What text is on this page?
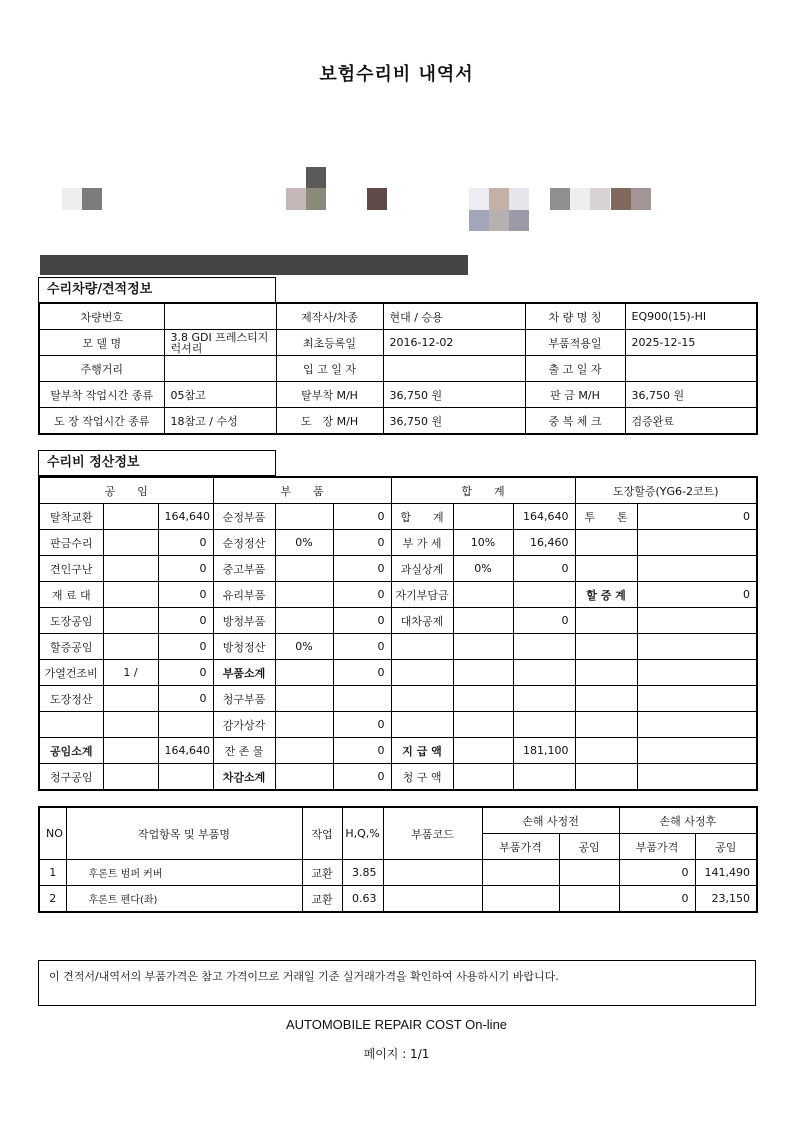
보험수리비 내역서
수리차량/견적정보
차량번호		제작사/차종	현대 / 승용	차 량 명 칭	EQ900(15)-HI
모 델 명	3.8 GDI 프레스티지 럭셔리	최초등록일	2016-12-02	부품적용일	2025-12-15
주행거리		입 고 일 자		출 고 일 자	
탈부착 작업시간 종류	05참고	탈부착 M/H	36,750 원	판 금 M/H	36,750 원
도 장 작업시간 종류	18참고 / 수성	도　장 M/H	36,750 원	중 복 체 크	검증완료
수리비 정산정보
공　　임			부　　품			합　　계			도장할증(YG6-2코트)	
탈착교환		164,640	순정부품		0	합　　계		164,640	투　　톤	0
판금수리		0	순정정산	0%	0	부 가 세	10%	16,460		
견인구난		0	중고부품		0	과실상계	0%	0		
재 료 대		0	유리부품		0	자기부담금			할 증 계	0
도장공임		0	방청부품		0	대차공제		0		
할증공임		0	방청정산	0%	0					
가열건조비	1 /	0	부품소계		0					
도장정산		0	청구부품							
			감가상각		0					
공임소계		164,640	잔 존 물		0	지 급 액		181,100		
청구공임			차감소계		0	청 구 액				
NO	작업항목 및 부품명	작업	H,Q,%	부품코드	손해 사정전		손해 사정후	
					부품가격	공임	부품가격	공임
1	후론트 범퍼 커버	교환	3.85				0	141,490
2	후론트 펜다(좌)	교환	0.63				0	23,150
이 견적서/내역서의 부품가격은 참고 가격이므로 거래일 기준 실거래가격을 확인하여 사용하시기 바랍니다.
AUTOMOBILE REPAIR COST On-line
페이지 : 1/1
